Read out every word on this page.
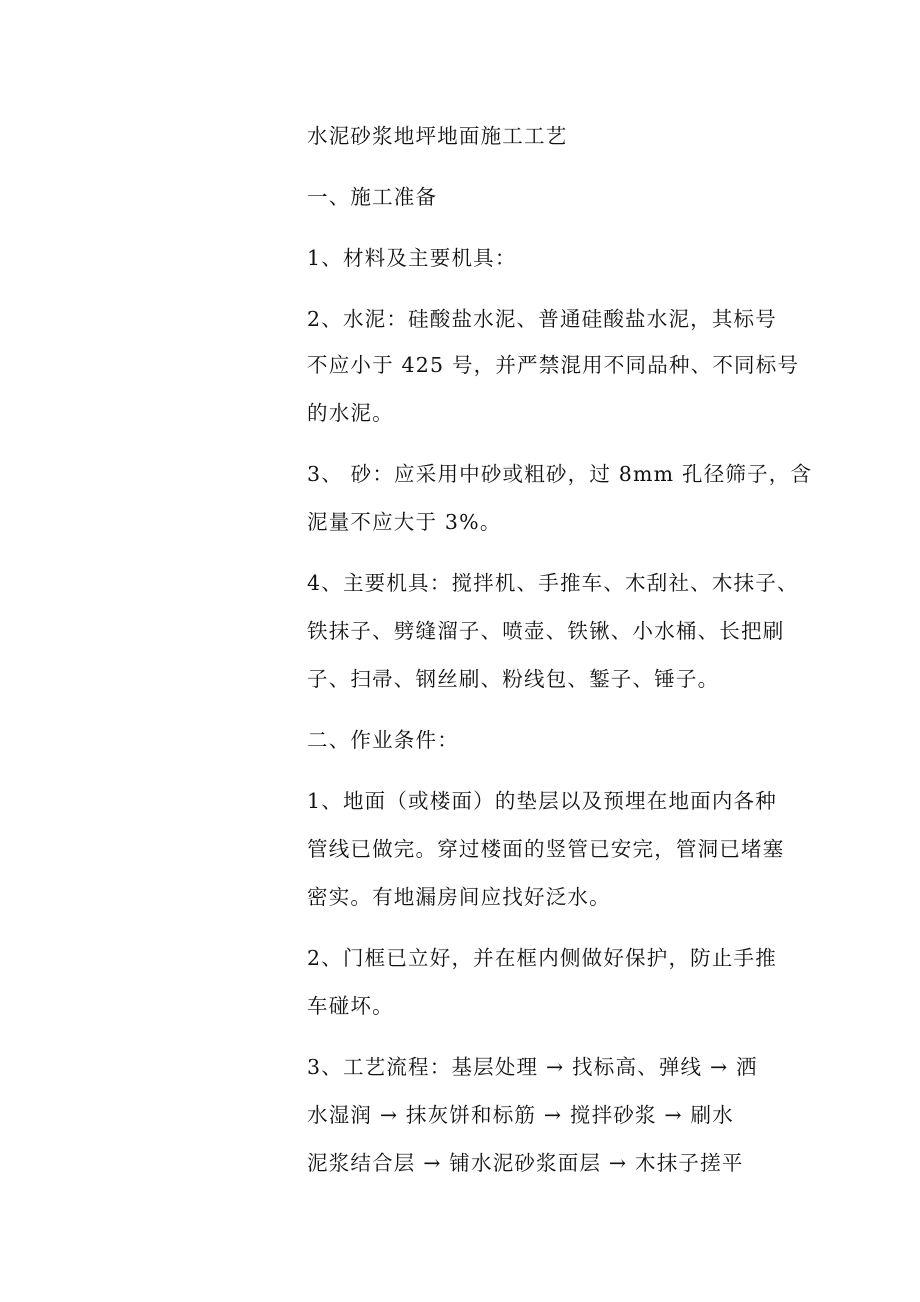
水泥砂浆地坪地面施工工艺
一、施工准备
1、材料及主要机具：
2、水泥：硅酸盐水泥、普通硅酸盐水泥，其标号
不应小于 425 号，并严禁混用不同品种、不同标号
的水泥。
3、 砂：应采用中砂或粗砂，过 8mm 孔径筛子，含
泥量不应大于 3%。
4、主要机具：搅拌机、手推车、木刮社、木抹子、
铁抹子、劈缝溜子、喷壶、铁锹、小水桶、长把刷
子、扫帚、钢丝刷、粉线包、錾子、锤子。
二、作业条件：
1、地面（或楼面）的垫层以及预埋在地面内各种
管线已做完。穿过楼面的竖管已安完，管洞已堵塞
密实。有地漏房间应找好泛水。
2、门框已立好，并在框内侧做好保护，防止手推
车碰坏。
3、工艺流程：基层处理 → 找标高、弹线 → 洒
水湿润 → 抹灰饼和标筋 → 搅拌砂浆 → 刷水
泥浆结合层 → 铺水泥砂浆面层 → 木抹子搓平
